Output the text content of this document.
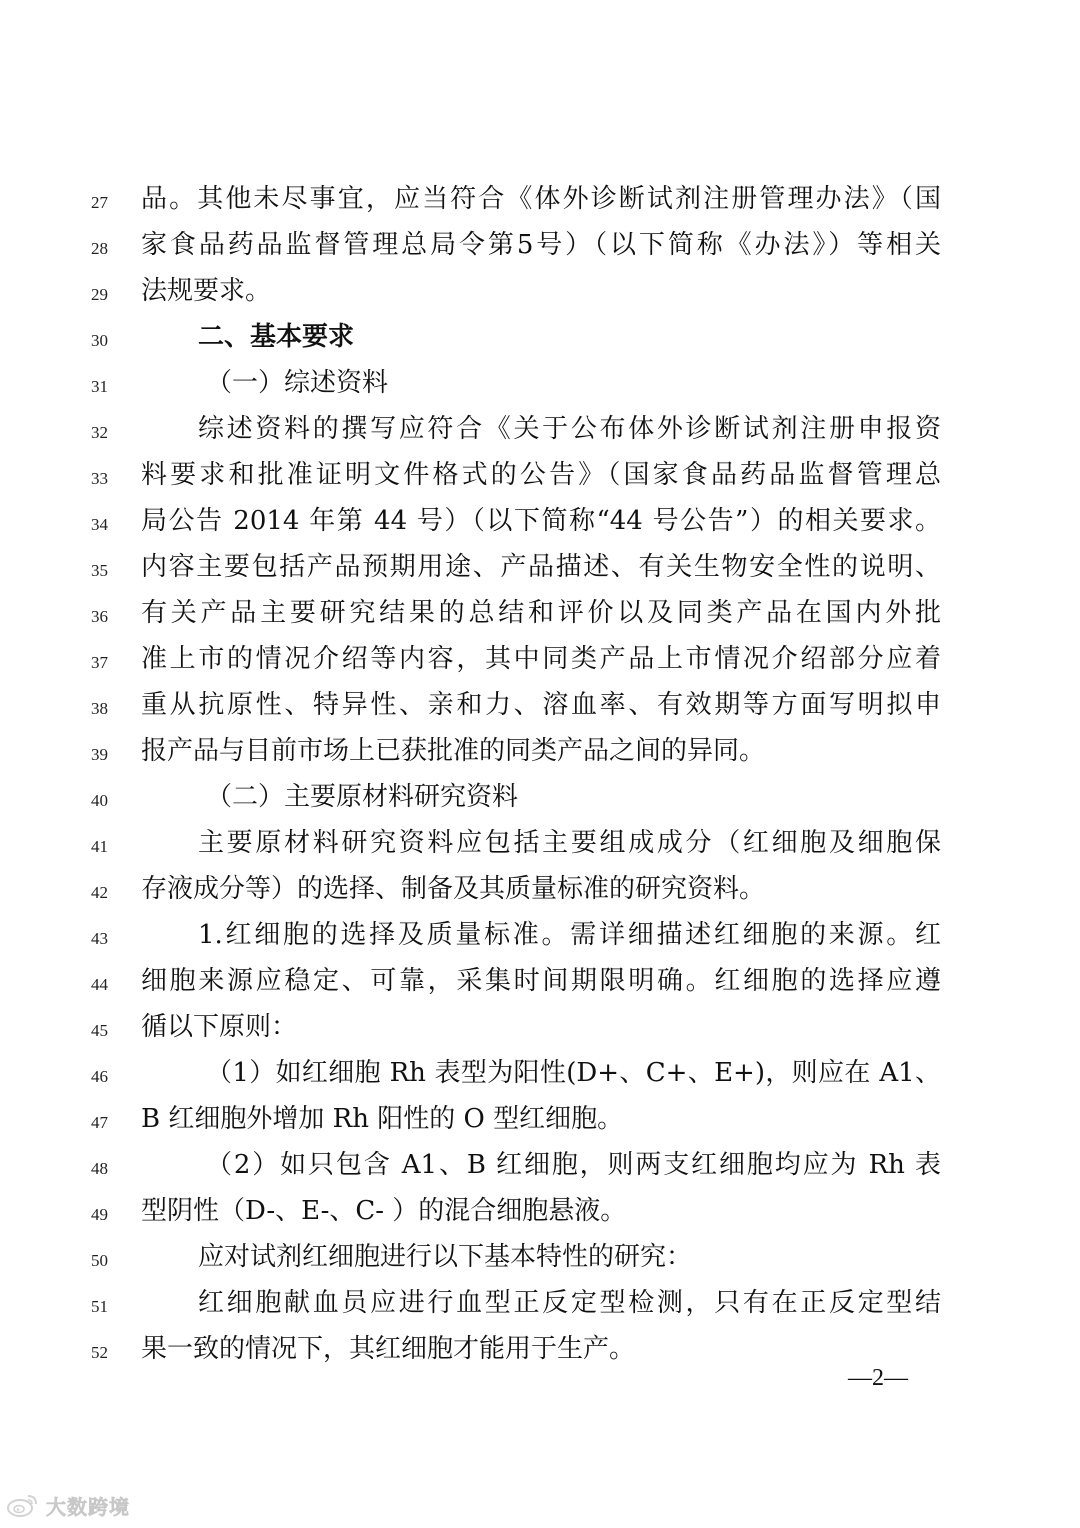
27 品。其他未尽事宜，应当符合《体外诊断试剂注册管理办法》（国
28 家食品药品监督管理总局令第5号）（以下简称《办法》）等相关
29 法规要求。
30	二、基本要求
31	（一）综述资料
32	综述资料的撰写应符合《关于公布体外诊断试剂注册申报资
33 料要求和批准证明文件格式的公告》（国家食品药品监督管理总
34 局公告 2014 年第 44 号）（以下简称“44 号公告”）的相关要求。
35 内容主要包括产品预期用途、产品描述、有关生物安全性的说明、
36 有关产品主要研究结果的总结和评价以及同类产品在国内外批
37 准上市的情况介绍等内容，其中同类产品上市情况介绍部分应着
38 重从抗原性、特异性、亲和力、溶血率、有效期等方面写明拟申
39 报产品与目前市场上已获批准的同类产品之间的异同。
40	（二）主要原材料研究资料
41	主要原材料研究资料应包括主要组成成分（红细胞及细胞保
42 存液成分等）的选择、制备及其质量标准的研究资料。
43	1.红细胞的选择及质量标准。需详细描述红细胞的来源。红
44 细胞来源应稳定、可靠，采集时间期限明确。红细胞的选择应遵
45 循以下原则：
46	（1）如红细胞 Rh 表型为阳性(D+、C+、E+)，则应在 A1、
47 B 红细胞外增加 Rh 阳性的 O 型红细胞。
48	（2）如只包含 A1、B 红细胞，则两支红细胞均应为 Rh 表
49 型阴性（D-、E-、C- ）的混合细胞悬液。
50	应对试剂红细胞进行以下基本特性的研究：
51	红细胞献血员应进行血型正反定型检测，只有在正反定型结
52 果一致的情况下，其红细胞才能用于生产。
—2—
大数跨境
